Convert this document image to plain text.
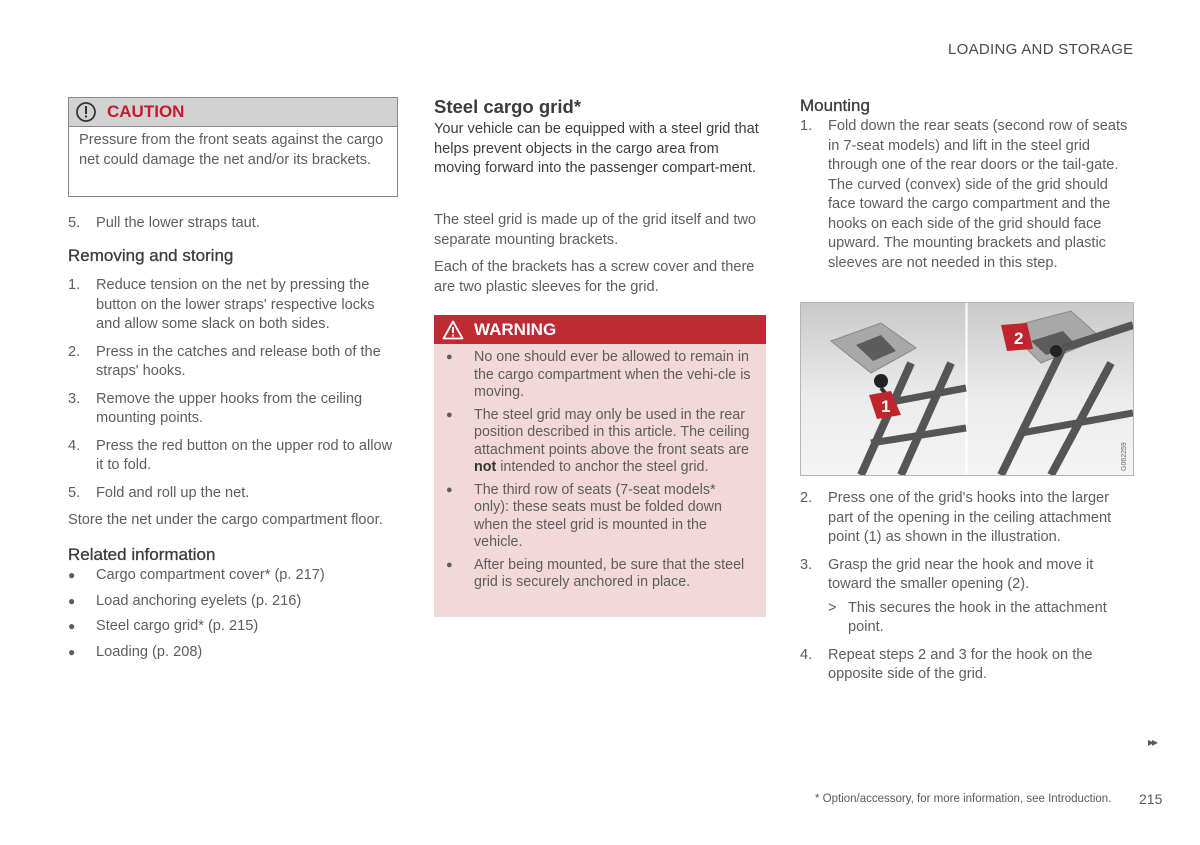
LOADING AND STORAGE
CAUTION

Pressure from the front seats against the cargo net could damage the net and/or its brackets.

5.	Pull the lower straps taut.
Removing and storing
1.	Reduce tension on the net by pressing the button on the lower straps' respective locks and allow some slack on both sides.
2.	Press in the catches and release both of the straps' hooks.
3.	Remove the upper hooks from the ceiling mounting points.
4.	Press the red button on the upper rod to allow it to fold.
5.	Fold and roll up the net.

Store the net under the cargo compartment floor.

Related information
●	Cargo compartment cover* (p. 217)
●	Load anchoring eyelets (p. 216)
●	Steel cargo grid* (p. 215)
●	Loading (p. 208)
Steel cargo grid*

Your vehicle can be equipped with a steel grid that helps prevent objects in the cargo area from moving forward into the passenger compart-ment.

The steel grid is made up of the grid itself and two separate mounting brackets.

Each of the brackets has a screw cover and there are two plastic sleeves for the grid.

WARNING
●	No one should ever be allowed to remain in the cargo compartment when the vehi-cle is moving.
●	The steel grid may only be used in the rear position described in this article. The ceiling attachment points above the front seats are not intended to anchor the steel grid.
●	The third row of seats (7-seat models* only): these seats must be folded down when the steel grid is mounted in the vehicle.
●	After being mounted, be sure that the steel grid is securely anchored in place.
Mounting
1.	Fold down the rear seats (second row of seats in 7-seat models) and lift in the steel grid through one of the rear doors or the tail-gate. The curved (convex) side of the grid should face toward the cargo compartment and the hooks on each side of the grid should face upward. The mounting brackets and plastic sleeves are not needed in this step.
1
2
G062259
2.	Press one of the grid's hooks into the larger part of the opening in the ceiling attachment point (1) as shown in the illustration.
3.	Grasp the grid near the hook and move it toward the smaller opening (2).
> This secures the hook in the attachment point.
4.	Repeat steps 2 and 3 for the hook on the opposite side of the grid.
▸▸
* Option/accessory, for more information, see Introduction. 215
